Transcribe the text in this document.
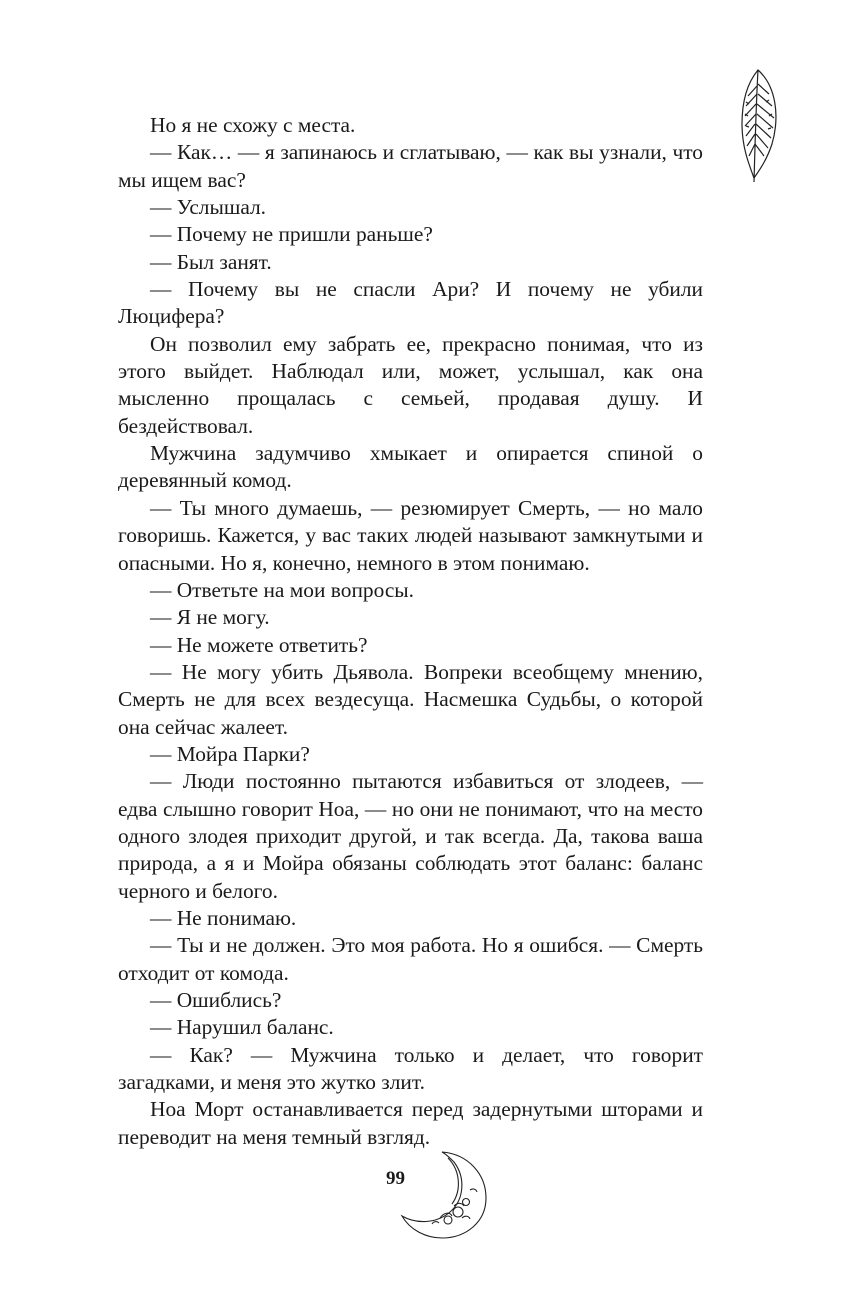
Но я не схожу с места.

— Как… — я запинаюсь и сглатываю, — как вы узнали, что мы ищем вас?

— Услышал.

— Почему не пришли раньше?

— Был занят.

— Почему вы не спасли Ари? И почему не убили Люцифера?

Он позволил ему забрать ее, прекрасно понимая, что из этого выйдет. Наблюдал или, может, услышал, как она мысленно прощалась с семьей, продавая душу. И бездействовал.

Мужчина задумчиво хмыкает и опирается спиной о деревянный комод.

— Ты много думаешь, — резюмирует Смерть, — но мало говоришь. Кажется, у вас таких людей называют замкнутыми и опасными. Но я, конечно, немного в этом понимаю.

— Ответьте на мои вопросы.

— Я не могу.

— Не можете ответить?

— Не могу убить Дьявола. Вопреки всеобщему мнению, Смерть не для всех вездесуща. Насмешка Судьбы, о которой она сейчас жалеет.

— Мойра Парки?

— Люди постоянно пытаются избавиться от злодеев, — едва слышно говорит Ноа, — но они не понимают, что на место одного злодея приходит другой, и так всегда. Да, такова ваша природа, а я и Мойра обязаны соблюдать этот баланс: баланс черного и белого.

— Не понимаю.

— Ты и не должен. Это моя работа. Но я ошибся. — Смерть отходит от комода.

— Ошиблись?

— Нарушил баланс.

— Как? — Мужчина только и делает, что говорит загадками, и меня это жутко злит.

Ноа Морт останавливается перед задернутыми шторами и переводит на меня темный взгляд.

99
